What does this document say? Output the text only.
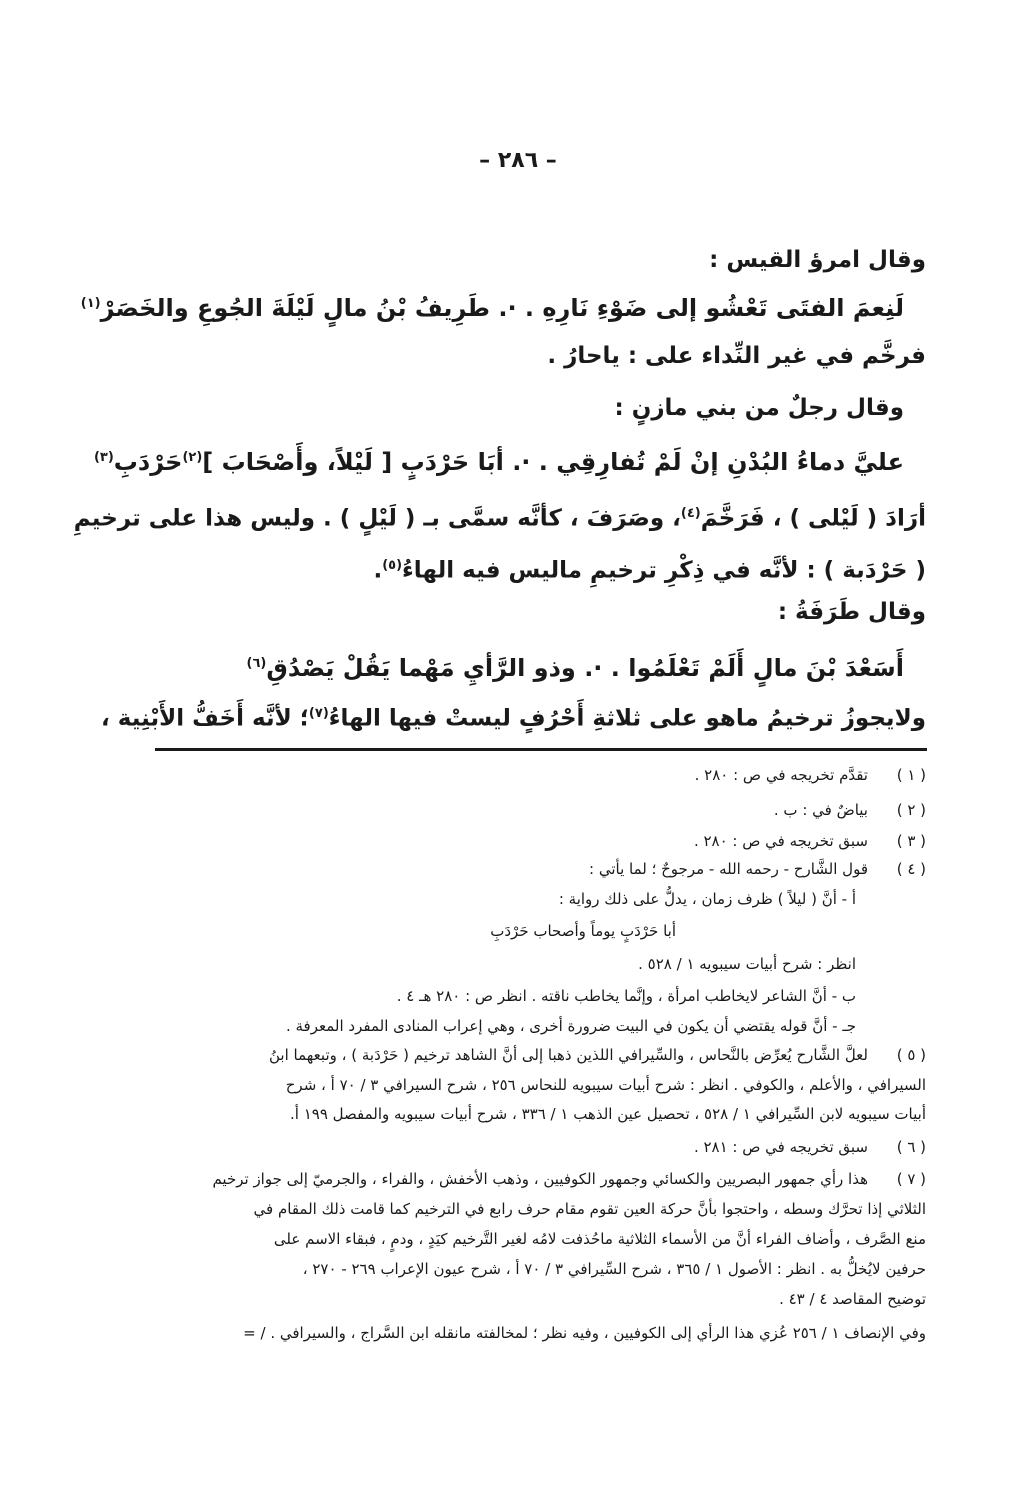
– ٢٨٦ –
وقال امرؤ القيس :
لَنِعمَ الفتَى تَعْشُو إلى ضَوْءِ نَارِهِ . ·. طَرِيفُ بْنُ مالٍ لَيْلَةَ الجُوعِ والخَصَرْ$^{(١)}$
فرخَّم في غير النِّداء على : ياحارُ .
وقال رجلٌ من بني مازنٍ :
عليَّ دماءُ البُدْنِ إنْ لَمْ تُفارِقِي . ·. أبَا حَرْدَبٍ [ لَيْلاً، وأَصْحَابَ ]$^{(٢)}$حَرْدَبِ$^{(٣)}$
أرَادَ ( لَيْلى ) ، فَرَخَّمَ$^{(٤)}$، وصَرَفَ ، كأنَّه سمَّى بـ ( لَيْلٍ ) . وليس هذا على ترخيمِ
( حَرْدَبة ) : لأنَّه في ذِكْرِ ترخيمِ ماليس فيه الهاءُ$^{(٥)}$.
وقال طَرَفَةُ :
أَسَعْدَ بْنَ مالٍ أَلَمْ تَعْلَمُوا . ·. وذو الرَّأيِ مَهْما يَقُلْ يَصْدُقِ$^{(٦)}$
ولايجوزُ ترخيمُ ماهو على ثلاثةِ أَحْرُفٍ ليستْ فيها الهاءُ$^{(٧)}$؛ لأنَّه أَخَفُّ الأَبْنِية ،
( ١ )
تقدَّم تخريجه في ص : ٢٨٠ .
( ٢ )
بياضٌ في : ب .
( ٣ )
سبق تخريجه في ص : ٢٨٠ .
( ٤ )
قول الشَّارح - رحمه الله - مرجوحٌ ؛ لما يأتي :
أ - أنَّ ( ليلاً ) ظرف زمان ، يدلُّ على ذلك رواية :
أبا حَرْدَبٍ يوماً وأصحاب حَرْدَبِ
انظر : شرح أبيات سيبويه ١ / ٥٢٨ .
ب - أنَّ الشاعر لايخاطب امرأة ، وإنَّما يخاطب ناقته . انظر ص : ٢٨٠ هـ ٤ .
جـ - أنَّ قوله يقتضي أن يكون في البيت ضرورة أخرى ، وهي إعراب المنادى المفرد المعرفة .
( ٥ )
لعلَّ الشَّارح يُعرِّض بالنَّحاس ، والسِّيرافي اللذين ذهبا إلى أنَّ الشاهد ترخيم ( حَرْدَبة ) ، وتبعهما ابنُ
السيرافي ، والأعلم ، والكوفي . انظر : شرح أبيات سيبويه للنحاس ٢٥٦ ، شرح السيرافي ٣ / ٧٠ أ ، شرح
أبيات سيبويه لابن السِّيرافي ١ / ٥٢٨ ، تحصيل عين الذهب ١ / ٣٣٦ ، شرح أبيات سيبويه والمفصل ١٩٩ أ.
( ٦ )
سبق تخريجه في ص : ٢٨١ .
( ٧ )
هذا رأي جمهور البصريين والكسائي وجمهور الكوفيين ، وذهب الأخفش ، والفراء ، والجرميّ إلى جواز ترخيم
الثلاثي إذا تحرَّك وسطه ، واحتجوا بأنَّ حركة العين تقوم مقام حرف رابع في الترخيم كما قامت ذلك المقام في
منع الصَّرف ، وأضاف الفراء أنَّ من الأسماء الثلاثية ماحُذفت لامُه لغير التَّرخيم كيَدٍ ، ودمٍ ، فبقاء الاسم على
حرفين لايُخلُّ به . انظر : الأصول ١ / ٣٦٥ ، شرح السِّيرافي ٣ / ٧٠ أ ، شرح عيون الإعراب ٢٦٩ - ٢٧٠ ،
توضيح المقاصد ٤ / ٤٣ .
وفي الإنصاف ١ / ٢٥٦ عُزي هذا الرأي إلى الكوفيين ، وفيه نظر ؛ لمخالفته مانقله ابن السَّراج ، والسيرافي . / =
